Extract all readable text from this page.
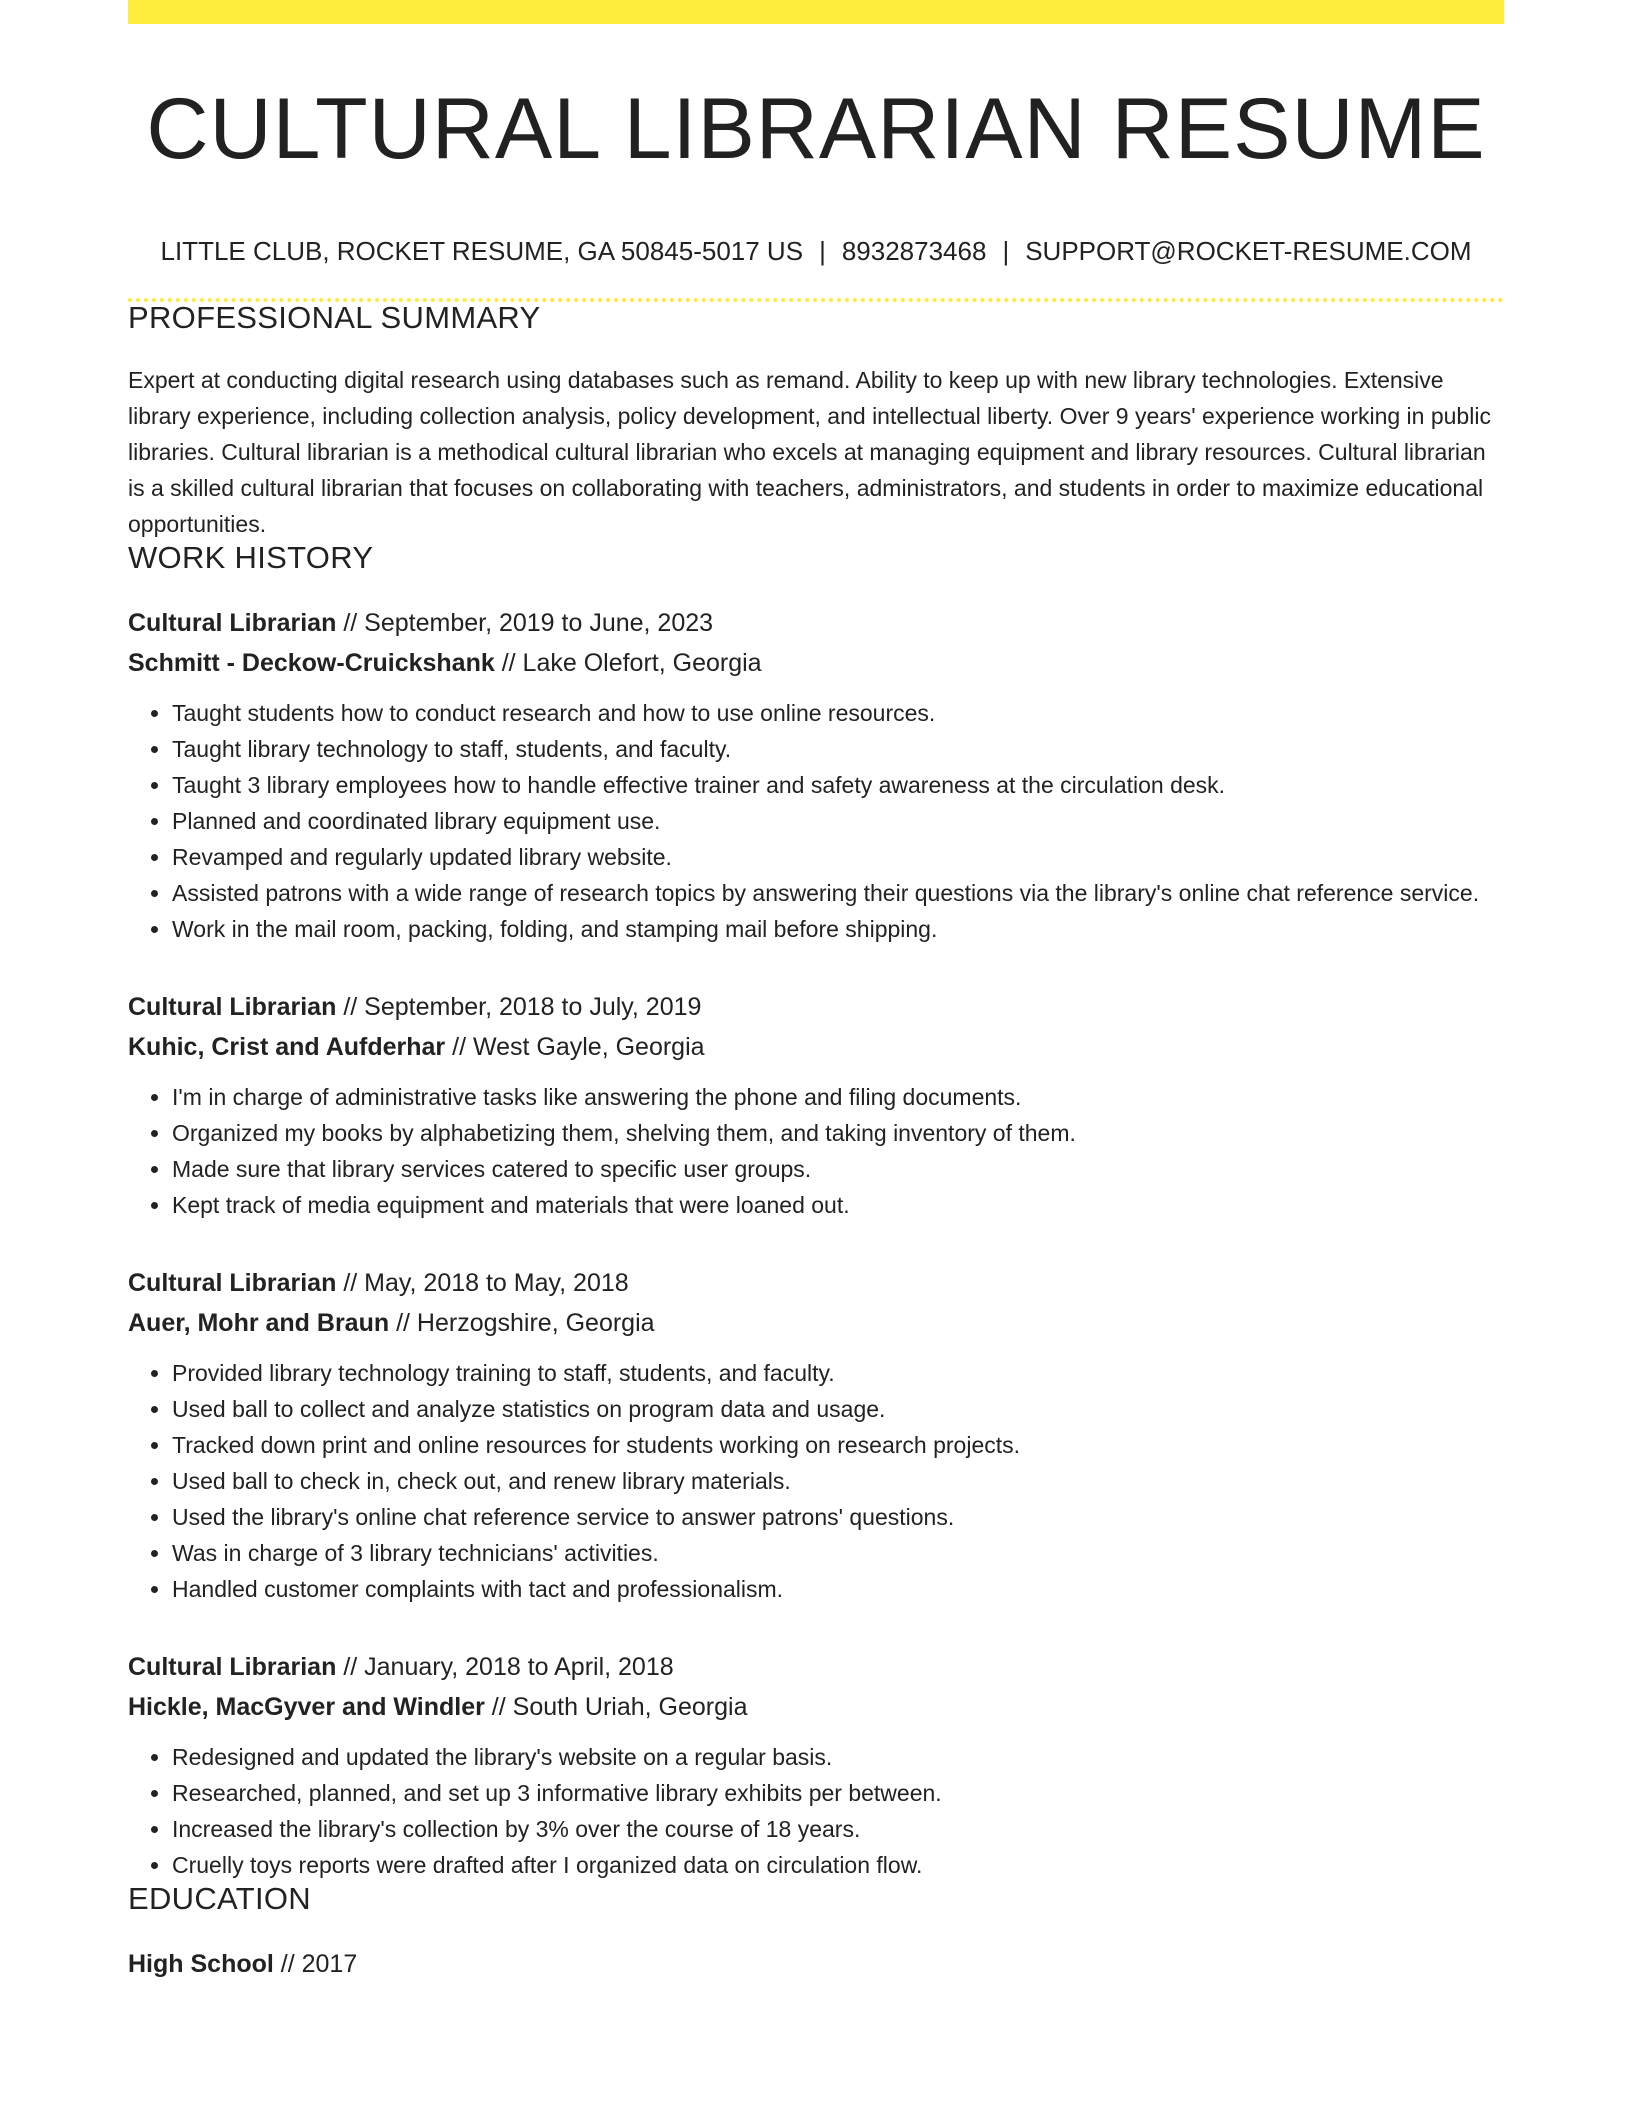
CULTURAL LIBRARIAN RESUME
LITTLE CLUB, ROCKET RESUME, GA 50845-5017 US | 8932873468 | SUPPORT@ROCKET-RESUME.COM
PROFESSIONAL SUMMARY

Expert at conducting digital research using databases such as remand. Ability to keep up with new library technologies. Extensive library experience, including collection analysis, policy development, and intellectual liberty. Over 9 years' experience working in public libraries. Cultural librarian is a methodical cultural librarian who excels at managing equipment and library resources. Cultural librarian is a skilled cultural librarian that focuses on collaborating with teachers, administrators, and students in order to maximize educational opportunities.

WORK HISTORY
Cultural Librarian // September, 2019 to June, 2023
Schmitt - Deckow-Cruickshank // Lake Olefort, Georgia
• Taught students how to conduct research and how to use online resources.
• Taught library technology to staff, students, and faculty.
• Taught 3 library employees how to handle effective trainer and safety awareness at the circulation desk.
• Planned and coordinated library equipment use.
• Revamped and regularly updated library website.
• Assisted patrons with a wide range of research topics by answering their questions via the library's online chat reference service.
• Work in the mail room, packing, folding, and stamping mail before shipping.
Cultural Librarian // September, 2018 to July, 2019
Kuhic, Crist and Aufderhar // West Gayle, Georgia
• I'm in charge of administrative tasks like answering the phone and filing documents.
• Organized my books by alphabetizing them, shelving them, and taking inventory of them.
• Made sure that library services catered to specific user groups.
• Kept track of media equipment and materials that were loaned out.
Cultural Librarian // May, 2018 to May, 2018
Auer, Mohr and Braun // Herzogshire, Georgia
• Provided library technology training to staff, students, and faculty.
• Used ball to collect and analyze statistics on program data and usage.
• Tracked down print and online resources for students working on research projects.
• Used ball to check in, check out, and renew library materials.
• Used the library's online chat reference service to answer patrons' questions.
• Was in charge of 3 library technicians' activities.
• Handled customer complaints with tact and professionalism.
Cultural Librarian // January, 2018 to April, 2018
Hickle, MacGyver and Windler // South Uriah, Georgia
• Redesigned and updated the library's website on a regular basis.
• Researched, planned, and set up 3 informative library exhibits per between.
• Increased the library's collection by 3% over the course of 18 years.
• Cruelly toys reports were drafted after I organized data on circulation flow.
EDUCATION
High School // 2017
